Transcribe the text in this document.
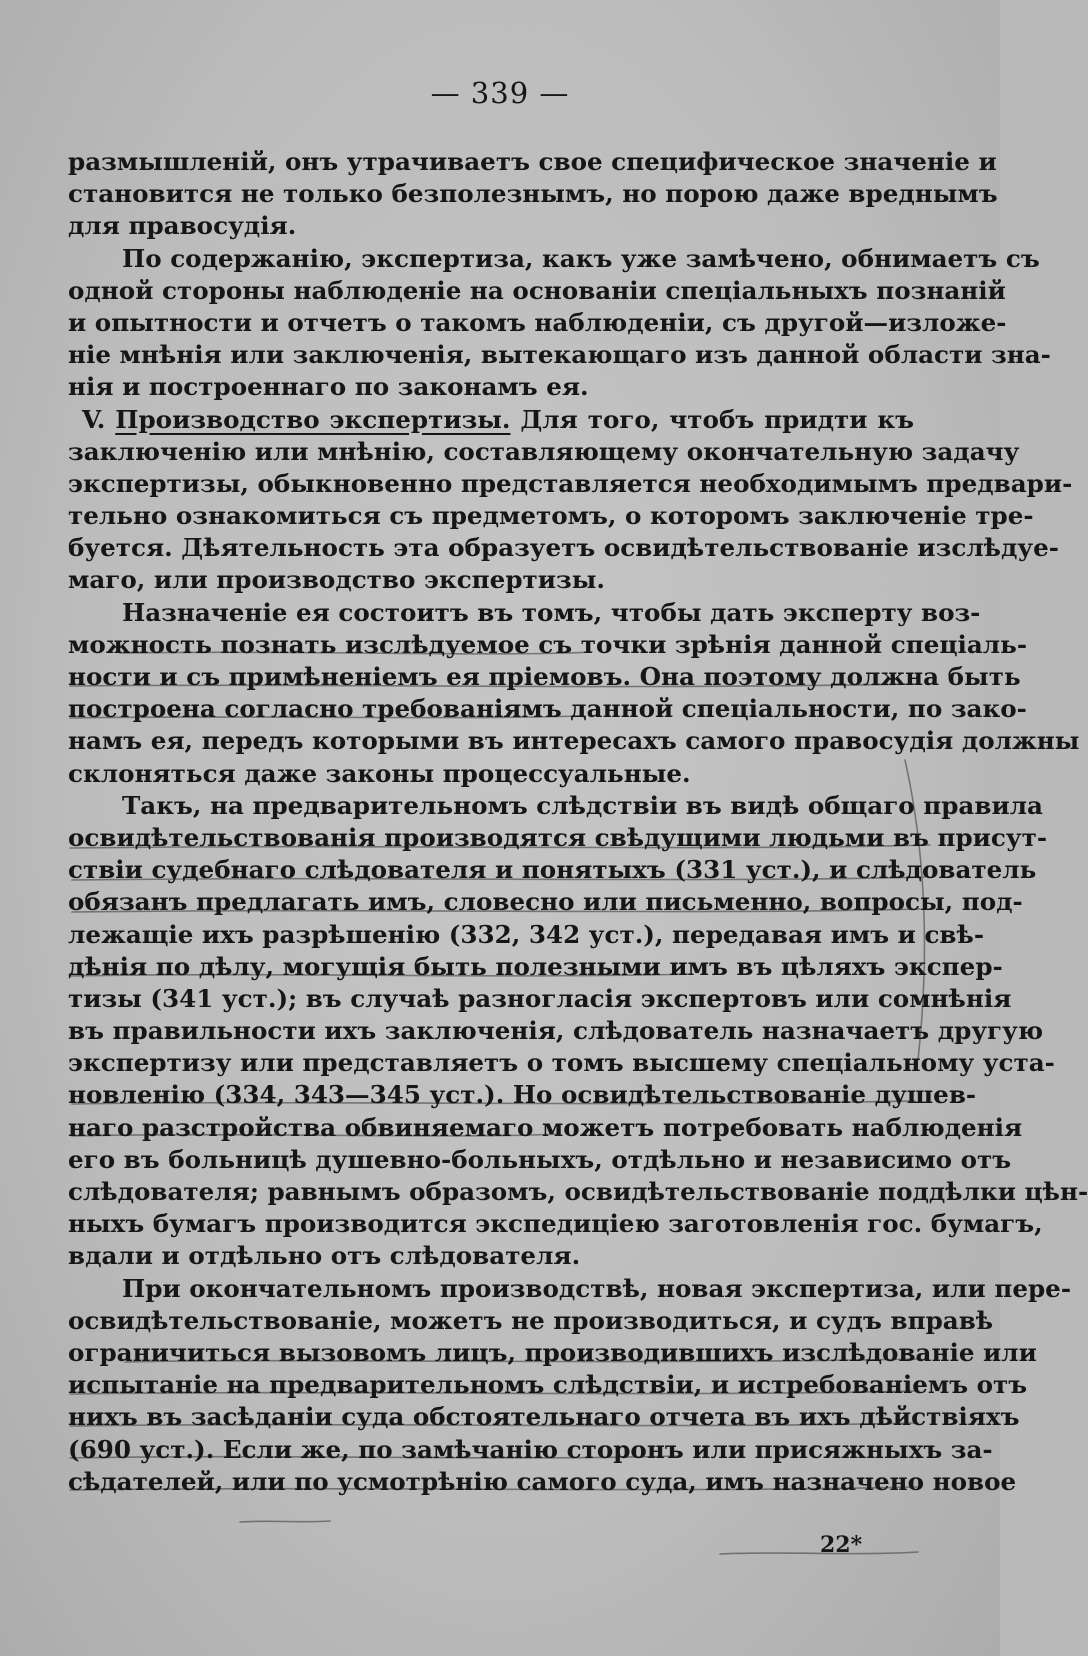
— 339 —
размышленій, онъ утрачиваетъ свое специфическое значеніе и
становится не только безполезнымъ, но порою даже вреднымъ
для правосудія.
По содержанію, экспертиза, какъ уже замѣчено, обнимаетъ съ
одной стороны наблюденіе на основаніи спеціальныхъ познаній
и опытности и отчетъ о такомъ наблюденіи, съ другой—изложе-
ніе мнѣнія или заключенія, вытекающаго изъ данной области зна-
нія и построеннаго по законамъ ея.
V. Производство экспертизы. Для того, чтобъ придти къ
заключенію или мнѣнію, составляющему окончательную задачу
экспертизы, обыкновенно представляется необходимымъ предвари-
тельно ознакомиться съ предметомъ, о которомъ заключеніе тре-
буется. Дѣятельность эта образуетъ освидѣтельствованіе изслѣдуе-
маго, или производство экспертизы.
Назначеніе ея состоитъ въ томъ, чтобы дать эксперту воз-
можность познать изслѣдуемое съ точки зрѣнія данной спеціаль-
ности и съ примѣненіемъ ея пріемовъ. Она поэтому должна быть
построена согласно требованіямъ данной спеціальности, по зако-
намъ ея, передъ которыми въ интересахъ самого правосудія должны
склоняться даже законы процессуальные.
Такъ, на предварительномъ слѣдствіи въ видѣ общаго правила
освидѣтельствованія производятся свѣдущими людьми въ присут-
ствіи судебнаго слѣдователя и понятыхъ (331 уст.), и слѣдователь
обязанъ предлагать имъ, словесно или письменно, вопросы, под-
лежащіе ихъ разрѣшенію (332, 342 уст.), передавая имъ и свѣ-
дѣнія по дѣлу, могущія быть полезными имъ въ цѣляхъ экспер-
тизы (341 уст.); въ случаѣ разногласія экспертовъ или сомнѣнія
въ правильности ихъ заключенія, слѣдователь назначаетъ другую
экспертизу или представляетъ о томъ высшему спеціальному уста-
новленію (334, 343—345 уст.). Но освидѣтельствованіе душев-
наго разстройства обвиняемаго можетъ потребовать наблюденія
его въ больницѣ душевно-больныхъ, отдѣльно и независимо отъ
слѣдователя; равнымъ образомъ, освидѣтельствованіе поддѣлки цѣн-
ныхъ бумагъ производится экспедиціею заготовленія гос. бумагъ,
вдали и отдѣльно отъ слѣдователя.
При окончательномъ производствѣ, новая экспертиза, или пере-
освидѣтельствованіе, можетъ не производиться, и судъ вправѣ
ограничиться вызовомъ лицъ, производившихъ изслѣдованіе или
испытаніе на предварительномъ слѣдствіи, и истребованіемъ отъ
нихъ въ засѣданіи суда обстоятельнаго отчета въ ихъ дѣйствіяхъ
(690 уст.). Если же, по замѣчанію сторонъ или присяжныхъ за-
сѣдателей, или по усмотрѣнію самого суда, имъ назначено новое
22*
